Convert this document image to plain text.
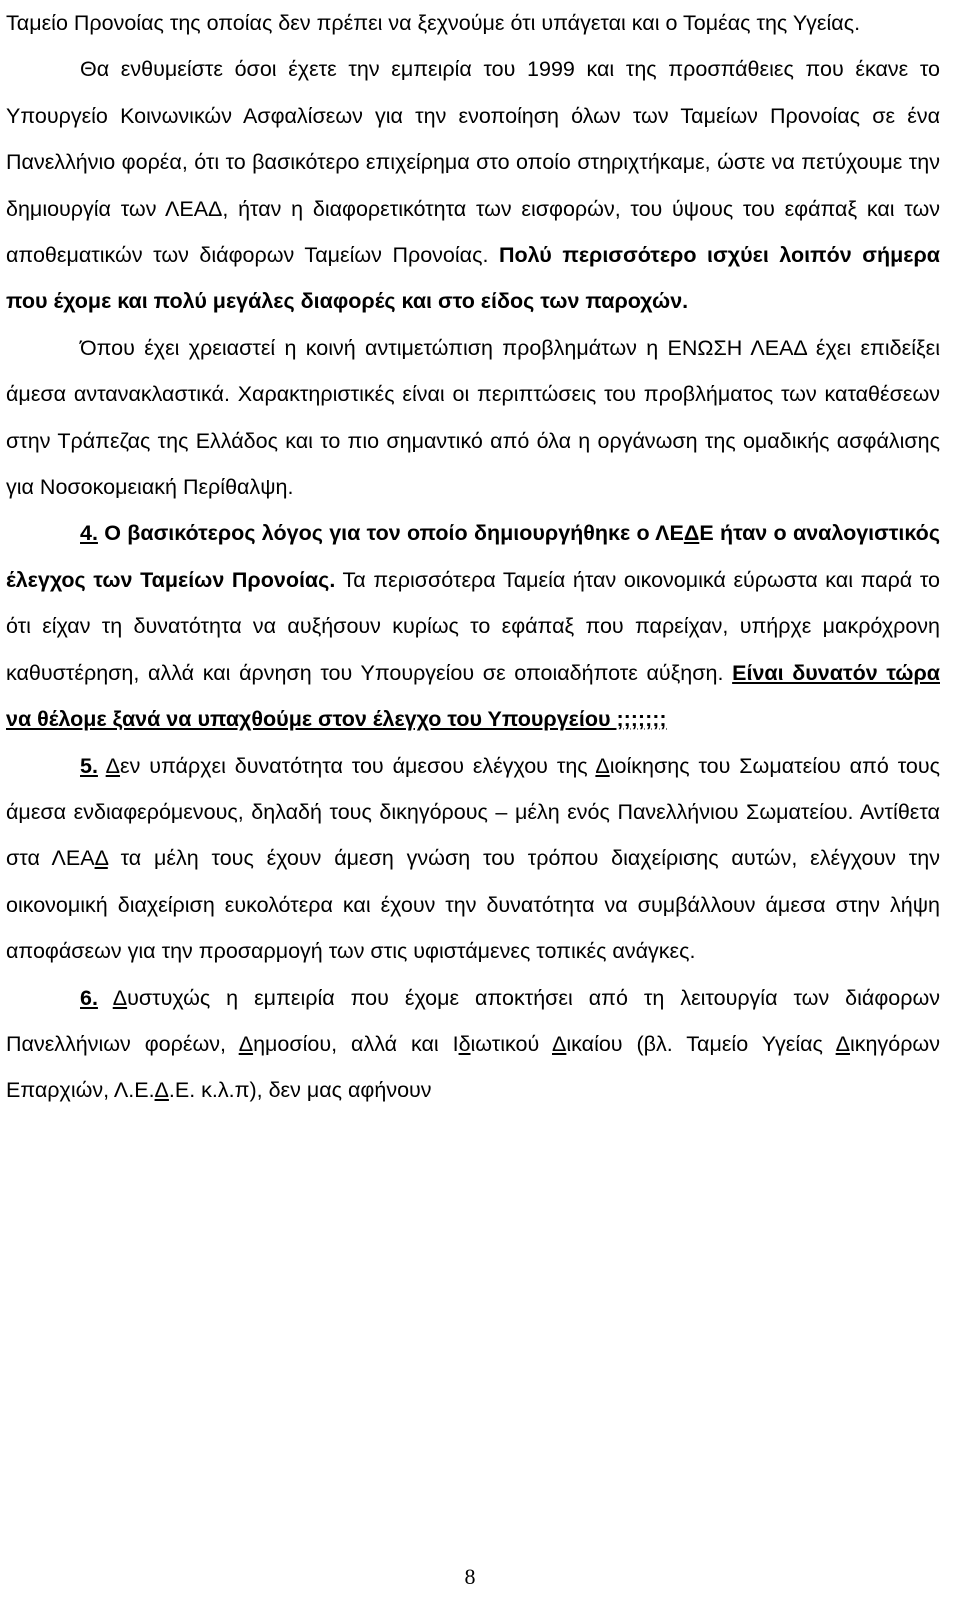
Ταμείο Προνοίας της οποίας δεν πρέπει να ξεχνούμε ότι υπάγεται και ο Τομέας της Υγείας.

Θα ενθυμείστε όσοι έχετε την εμπειρία του 1999 και της προσπάθειες που έκανε το Υπουργείο Κοινωνικών Ασφαλίσεων για την ενοποίηση όλων των Ταμείων Προνοίας σε ένα Πανελλήνιο φορέα, ότι το βασικότερο επιχείρημα στο οποίο στηριχτήκαμε, ώστε να πετύχουμε την δημιουργία των ΛΕΑΔ, ήταν η διαφορετικότητα των εισφορών, του ύψους του εφάπαξ και των αποθεματικών των διάφορων Ταμείων Προνοίας. Πολύ περισσότερο ισχύει λοιπόν σήμερα που έχομε και πολύ μεγάλες διαφορές και στο είδος των παροχών.

Όπου έχει χρειαστεί η κοινή αντιμετώπιση προβλημάτων η ΕΝΩΣΗ ΛΕΑΔ έχει επιδείξει άμεσα αντανακλαστικά. Χαρακτηριστικές είναι οι περιπτώσεις του προβλήματος των καταθέσεων στην Τράπεζας της Ελλάδος και το πιο σημαντικό από όλα η οργάνωση της ομαδικής ασφάλισης για Νοσοκομειακή Περίθαλψη.

4. Ο βασικότερος λόγος για τον οποίο δημιουργήθηκε ο ΛΕΔΕ ήταν ο αναλογιστικός έλεγχος των Ταμείων Προνοίας. Τα περισσότερα Ταμεία ήταν οικονομικά εύρωστα και παρά το ότι είχαν τη δυνατότητα να αυξήσουν κυρίως το εφάπαξ που παρείχαν, υπήρχε μακρόχρονη καθυστέρηση, αλλά και άρνηση του Υπουργείου σε οποιαδήποτε αύξηση. Είναι δυνατόν τώρα να θέλομε ξανά να υπαχθούμε στον έλεγχο του Υπουργείου ;;;;;;;

5. Δεν υπάρχει δυνατότητα του άμεσου ελέγχου της Διοίκησης του Σωματείου από τους άμεσα ενδιαφερόμενους, δηλαδή τους δικηγόρους – μέλη ενός Πανελλήνιου Σωματείου. Αντίθετα στα ΛΕΑΔ τα μέλη τους έχουν άμεση γνώση του τρόπου διαχείρισης αυτών, ελέγχουν την οικονομική διαχείριση ευκολότερα και έχουν την δυνατότητα να συμβάλλουν άμεσα στην λήψη αποφάσεων για την προσαρμογή των στις υφιστάμενες τοπικές ανάγκες.

6. Δυστυχώς η εμπειρία που έχομε αποκτήσει από τη λειτουργία των διάφορων Πανελλήνιων φορέων, Δημοσίου, αλλά και Ιδιωτικού Δικαίου (βλ. Ταμείο Υγείας Δικηγόρων Επαρχιών, Λ.Ε.Δ.Ε. κ.λ.π), δεν μας αφήνουν

8
